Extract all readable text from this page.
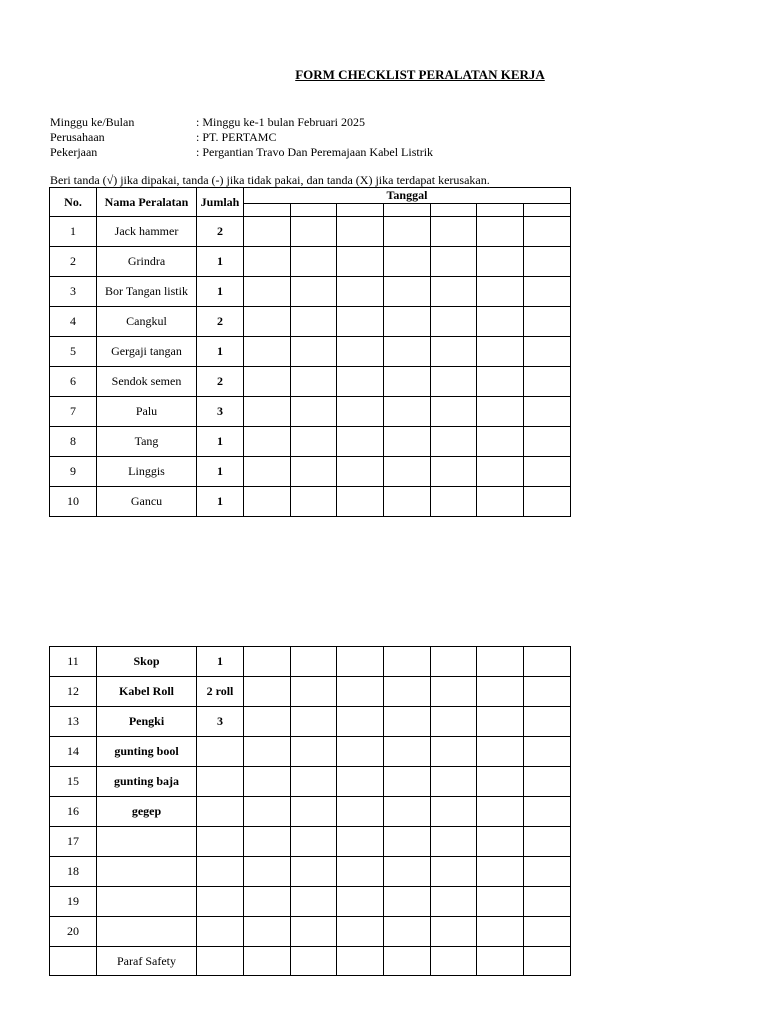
FORM CHECKLIST PERALATAN KERJA
Minggu ke/Bulan	: Minggu ke-1 bulan Februari 2025
Perusahaan	: PT. PERTAMC
Pekerjaan	: Pergantian Travo Dan Peremajaan Kabel Listrik
Beri tanda (√) jika dipakai, tanda (-) jika tidak pakai, dan tanda (X) jika terdapat kerusakan.
No.	Nama Peralatan	Jumlah	Tanggal						

1	Jack hammer	2							
2	Grindra	1							
3	Bor Tangan listik	1							
4	Cangkul	2							
5	Gergaji tangan	1							
6	Sendok semen	2							
7	Palu	3							
8	Tang	1							
9	Linggis	1							
10	Gancu	1							
11	Skop	1							
12	Kabel Roll	2 roll							
13	Pengki	3							
14	gunting bool								
15	gunting baja								
16	gegep								
17									
18									
19									
20									
	Paraf Safety								
